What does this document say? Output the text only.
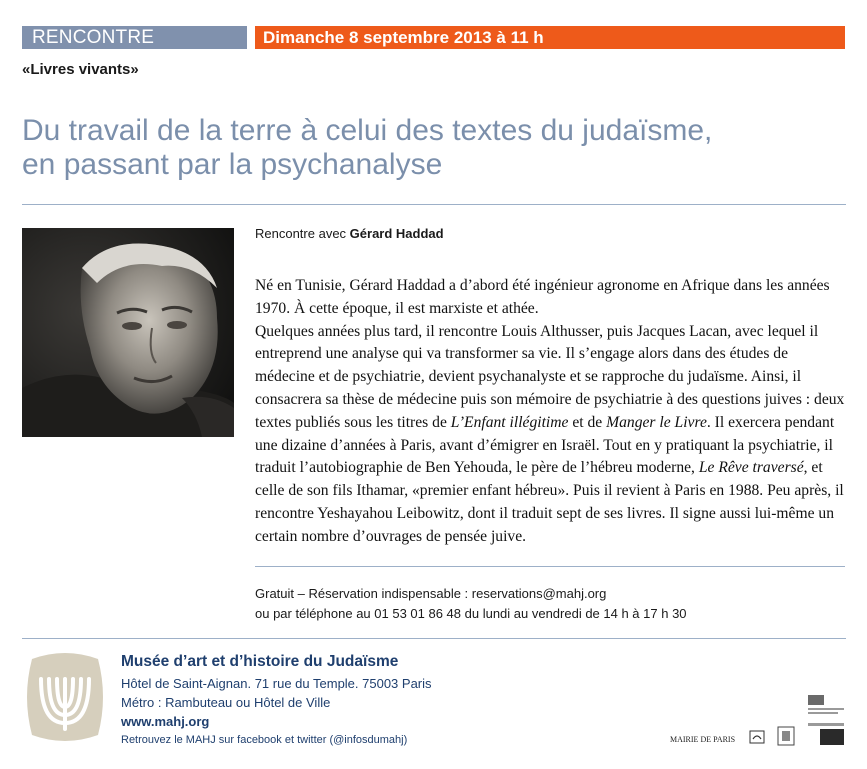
RENCONTRE	Dimanche 8 septembre 2013 à 11 h
«Livres vivants»
Du travail de la terre à celui des textes du judaïsme,
en passant par la psychanalyse
Rencontre avec Gérard Haddad

Né en Tunisie, Gérard Haddad a d’abord été ingénieur agronome en Afrique dans les années 1970. À cette époque, il est marxiste et athée.

Quelques années plus tard, il rencontre Louis Althusser, puis Jacques Lacan, avec lequel il entreprend une analyse qui va transformer sa vie. Il s’engage alors dans des études de médecine et de psychiatrie, devient psychanalyste et se rapproche du judaïsme. Ainsi, il consacrera sa thèse de médecine puis son mémoire de psychiatrie à des questions juives : deux textes publiés sous les titres de L’Enfant illégitime et de Manger le Livre. Il exercera pendant une dizaine d’années à Paris, avant d’émigrer en Israël. Tout en y pratiquant la psychiatrie, il traduit l’autobiographie de Ben Yehouda, le père de l’hébreu moderne, Le Rêve traversé, et celle de son fils Ithamar, «premier enfant hébreu». Puis il revient à Paris en 1988. Peu après, il rencontre Yeshayahou Leibowitz, dont il traduit sept de ses livres. Il signe aussi lui-même un certain nombre d’ouvrages de pensée juive.

Gratuit – Réservation indispensable : reservations@mahj.org
ou par téléphone au 01 53 01 86 48 du lundi au vendredi de 14 h à 17 h 30
Musée d’art et d’histoire du Judaïsme
Hôtel de Saint-Aignan. 71 rue du Temple. 75003 Paris
Métro : Rambuteau ou Hôtel de Ville
www.mahj.org
Retrouvez le MAHJ sur facebook et twitter (@infosdumahj)	MAIRIE DE PARIS
